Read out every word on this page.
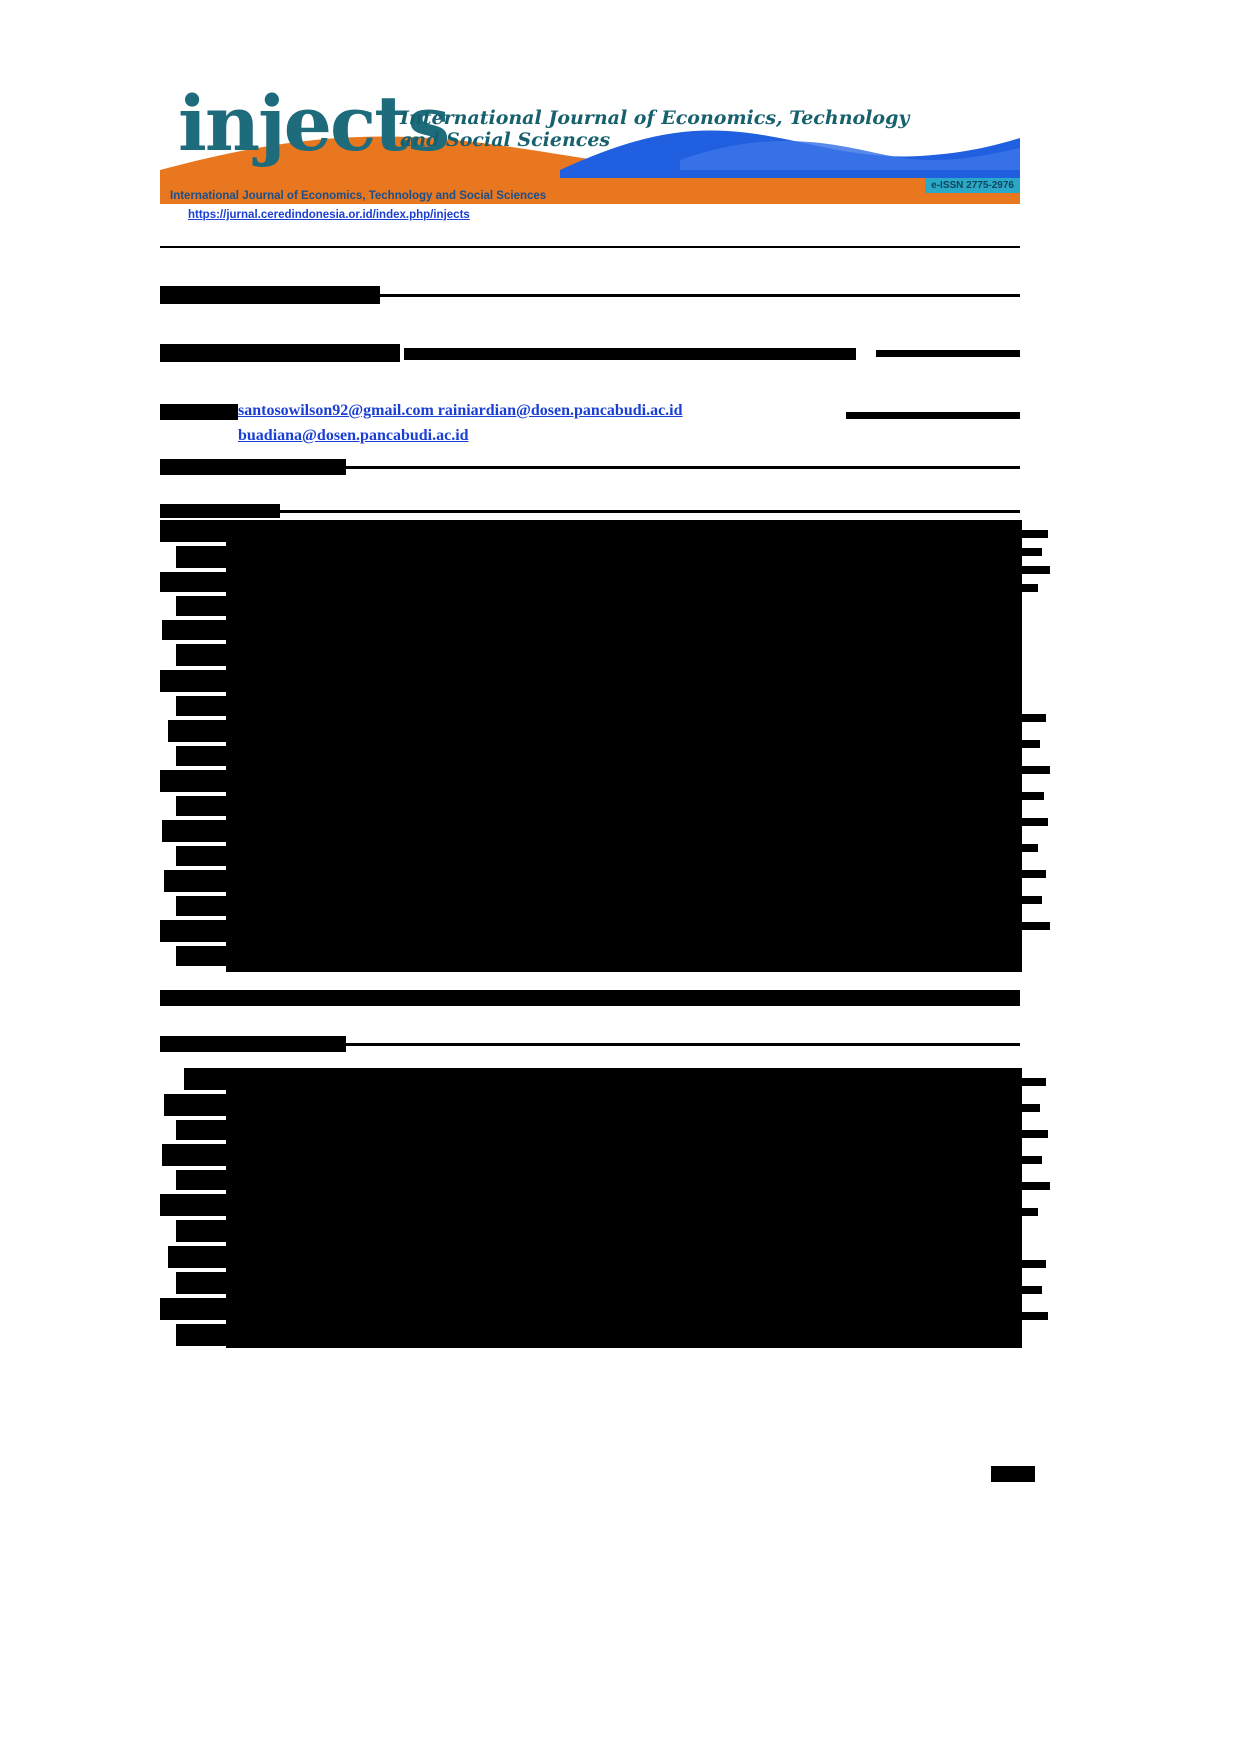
injects
International Journal of Economics, Technology and Social Sciences
International Journal of Economics, Technology and Social Sciences
https://jurnal.ceredindonesia.or.id/index.php/injects
e-ISSN 2775-2976
santosowilson92@gmail.com rainiardian@dosen.pancabudi.ac.id
buadiana@dosen.pancabudi.ac.id
